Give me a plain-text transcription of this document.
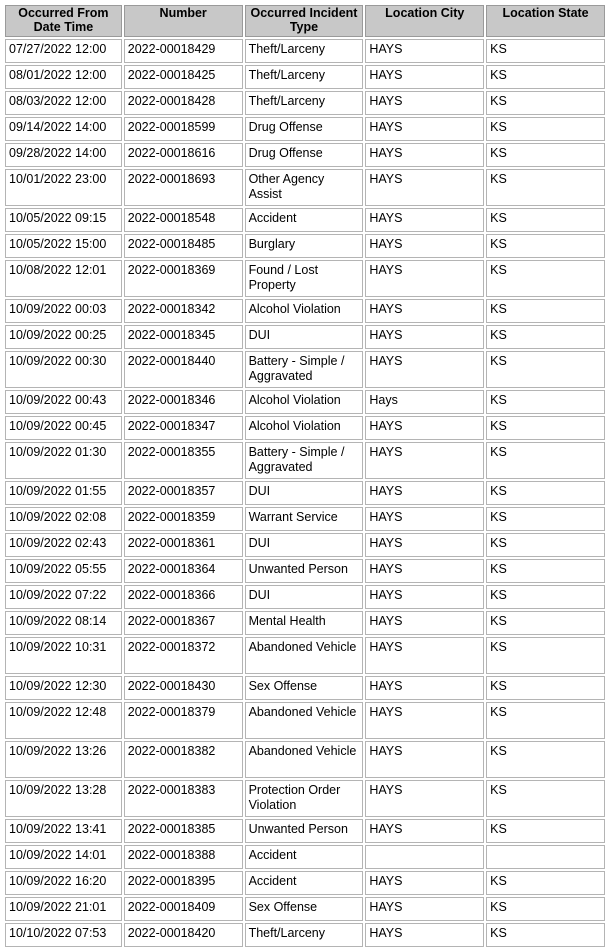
Occurred From Date Time	Number	Occurred Incident Type	Location City	Location State
07/27/2022 12:00	2022-00018429	Theft/Larceny	HAYS	KS
08/01/2022 12:00	2022-00018425	Theft/Larceny	HAYS	KS
08/03/2022 12:00	2022-00018428	Theft/Larceny	HAYS	KS
09/14/2022 14:00	2022-00018599	Drug Offense	HAYS	KS
09/28/2022 14:00	2022-00018616	Drug Offense	HAYS	KS
10/01/2022 23:00	2022-00018693	Other Agency Assist	HAYS	KS
10/05/2022 09:15	2022-00018548	Accident	HAYS	KS
10/05/2022 15:00	2022-00018485	Burglary	HAYS	KS
10/08/2022 12:01	2022-00018369	Found / Lost Property	HAYS	KS
10/09/2022 00:03	2022-00018342	Alcohol Violation	HAYS	KS
10/09/2022 00:25	2022-00018345	DUI	HAYS	KS
10/09/2022 00:30	2022-00018440	Battery - Simple / Aggravated	HAYS	KS
10/09/2022 00:43	2022-00018346	Alcohol Violation	Hays	KS
10/09/2022 00:45	2022-00018347	Alcohol Violation	HAYS	KS
10/09/2022 01:30	2022-00018355	Battery - Simple / Aggravated	HAYS	KS
10/09/2022 01:55	2022-00018357	DUI	HAYS	KS
10/09/2022 02:08	2022-00018359	Warrant Service	HAYS	KS
10/09/2022 02:43	2022-00018361	DUI	HAYS	KS
10/09/2022 05:55	2022-00018364	Unwanted Person	HAYS	KS
10/09/2022 07:22	2022-00018366	DUI	HAYS	KS
10/09/2022 08:14	2022-00018367	Mental Health	HAYS	KS
10/09/2022 10:31	2022-00018372	Abandoned Vehicle	HAYS	KS
10/09/2022 12:30	2022-00018430	Sex Offense	HAYS	KS
10/09/2022 12:48	2022-00018379	Abandoned Vehicle	HAYS	KS
10/09/2022 13:26	2022-00018382	Abandoned Vehicle	HAYS	KS
10/09/2022 13:28	2022-00018383	Protection Order Violation	HAYS	KS
10/09/2022 13:41	2022-00018385	Unwanted Person	HAYS	KS
10/09/2022 14:01	2022-00018388	Accident		
10/09/2022 16:20	2022-00018395	Accident	HAYS	KS
10/09/2022 21:01	2022-00018409	Sex Offense	HAYS	KS
10/10/2022 07:53	2022-00018420	Theft/Larceny	HAYS	KS
